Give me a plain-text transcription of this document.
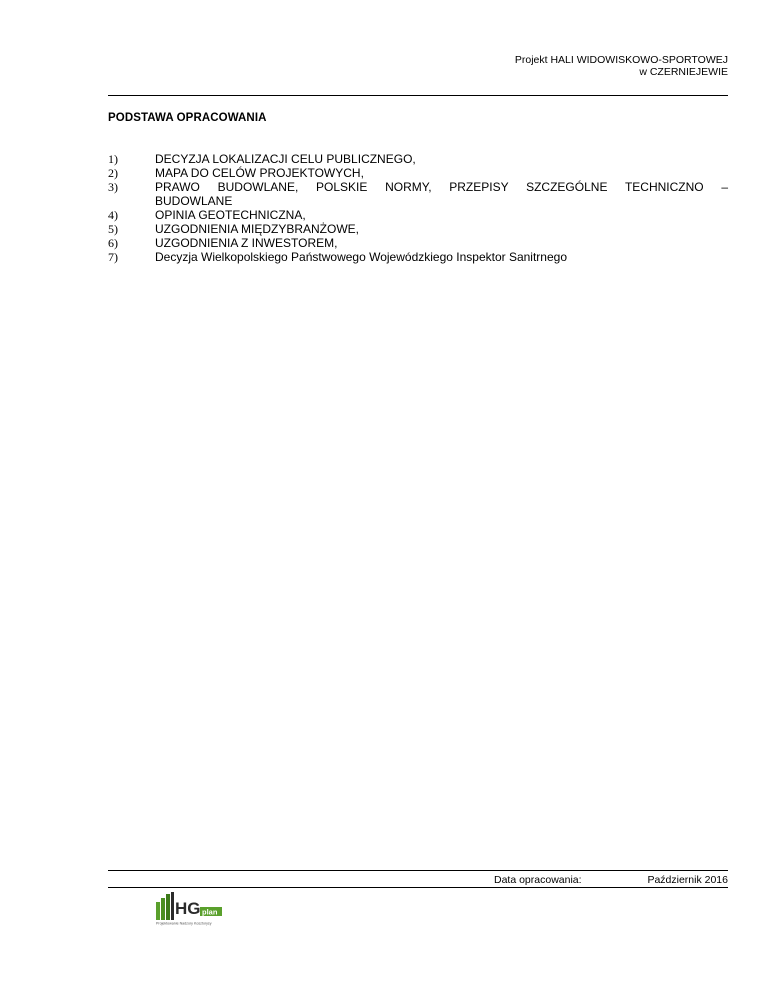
Projekt HALI WIDOWISKOWO-SPORTOWEJ
w CZERNIEJEWIE
PODSTAWA OPRACOWANIA
1)	DECYZJA LOKALIZACJI CELU PUBLICZNEGO,
2)	MAPA DO CELÓW PROJEKTOWYCH,
3)	PRAWO BUDOWLANE, POLSKIE NORMY, PRZEPISY SZCZEGÓLNE TECHNICZNO –
BUDOWLANE
4)	OPINIA GEOTECHNICZNA,
5)	UZGODNIENIA MIĘDZYBRANŻOWE,
6)	UZGODNIENIA Z INWESTOREM,
7)	Decyzja Wielkopolskiego Państwowego Wojewódzkiego Inspektor Sanitrnego
Data opracowania:	Październik 2016
HG plan
Projektowanie Nadzory Kosztorysy
